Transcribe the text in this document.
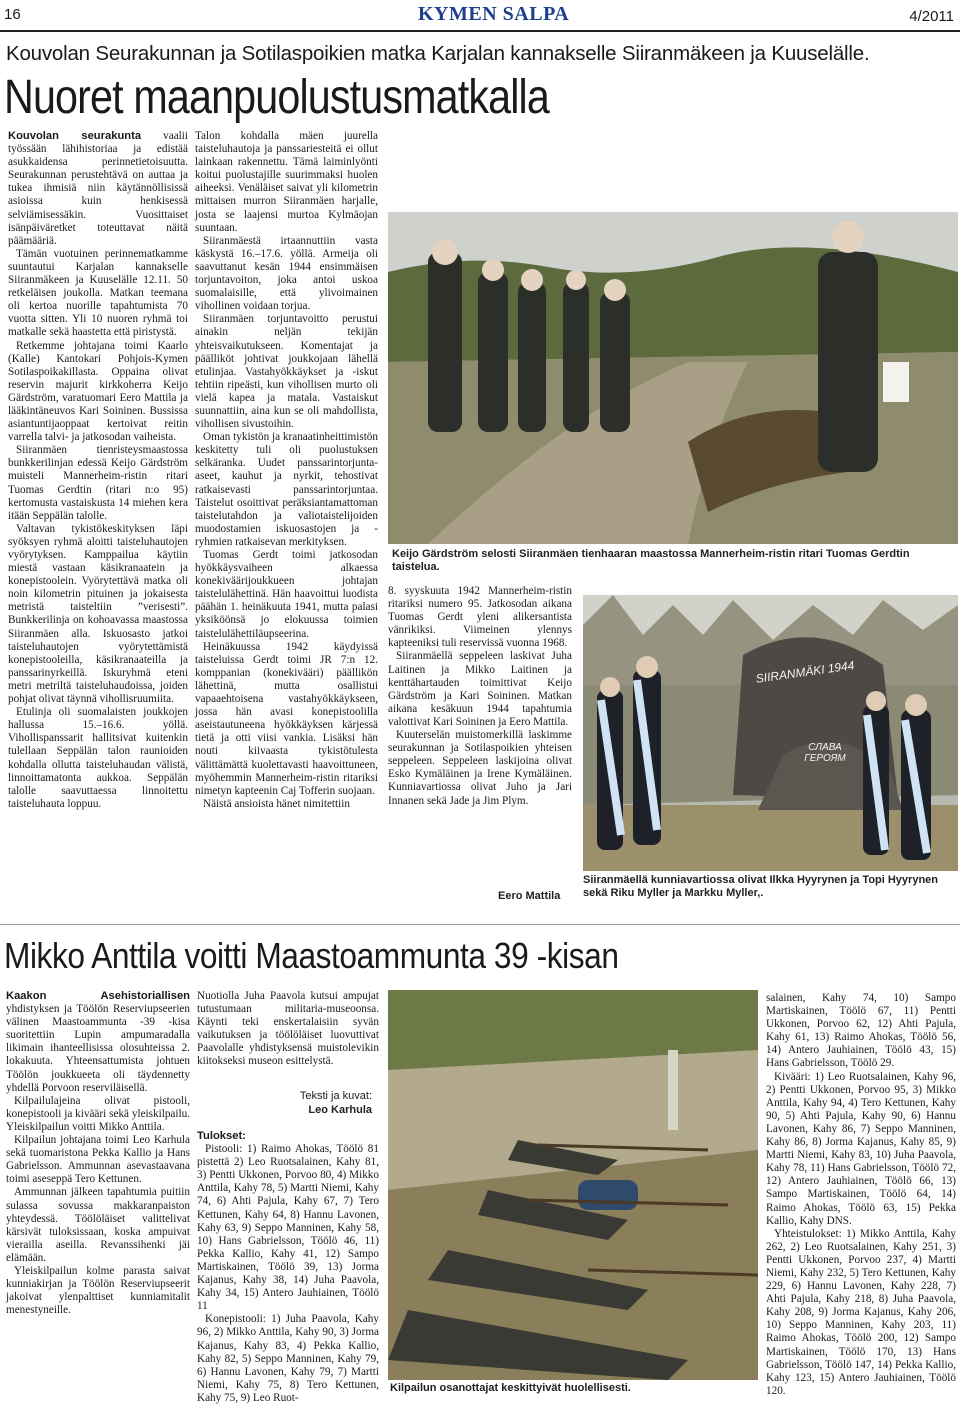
16	KYMEN SALPA	4/2011
Kouvolan Seurakunnan ja Sotilaspoikien matka Karjalan kannakselle Siiranmäkeen ja Kuuselälle.
Nuoret maanpuolustusmatkalla

Kouvolan seurakunta vaalii työssään lähihistoriaa ja edistää asukkaidensa perinnetietoisuutta. Seurakunnan perustehtävä on auttaa ja tukea ihmisiä niin käytännöllisissä asioissa kuin henkisessä selviämisessäkin. Vuosittaiset isänpäiväretket toteuttavat näitä päämääriä.

Tämän vuotuinen perinnematkamme suuntautui Karjalan kannakselle Siiranmäkeen ja Kuuselälle 12.11. 50 retkeläisen joukolla. Matkan teemana oli kertoa nuorille tapahtumista 70 vuotta sitten. Yli 10 nuoren ryhmä toi matkalle sekä haastetta että piristystä.

Retkemme johtajana toimi Kaarlo (Kalle) Kantokari Pohjois-Kymen Sotilaspoikakillasta. Oppaina olivat reservin majurit kirkkoherra Keijo Gärdström, varatuomari Eero Mattila ja lääkintäneuvos Kari Soininen. Bussissa asiantuntijaoppaat kertoivat reitin varrella talvi- ja jatkosodan vaiheista.

Siiranmäen tienristeysmaastossa bunkkerilinjan edessä Keijo Gärdström muisteli Mannerheim-ristin ritari Tuomas Gerdtin (ritari n:o 95) kertomusta vastaiskusta 14 miehen kera itään Seppälän talolle.

Valtavan tykistökeskityksen läpi syöksyen ryhmä aloitti taisteluhautojen vyörytyksen. Kamppailua käytiin miestä vastaan käsikranaatein ja konepistoolein. Vyörytettävä matka oli noin kilometrin pituinen ja jokaisesta metristä taisteltiin ”verisesti”. Bunkkerilinja on kohoavassa maastossa Siiranmäen alla. Iskuosasto jatkoi taisteluhautojen vyörytettämistä konepistooleilla, käsikranaateilla ja panssarinyrkeillä. Iskuryhmä eteni metri metriltä taisteluhaudoissa, joiden pohjat olivat täynnä vihollisruumiita.

Etulinja oli suomalaisten joukkojen hallussa 15.–16.6. yöllä. Vihollispanssarit hallitsivat kuitenkin tulellaan Seppälän talon raunioiden kohdalla ollutta taisteluhaudan välistä, linnoittamatonta aukkoa. Seppälän talolle saavuttaessa linnoitettu taisteluhauta loppuu.

Talon kohdalla mäen juurella taisteluhautoja ja panssariesteitä ei ollut lainkaan rakennettu. Tämä laiminlyönti koitui puolustajille suurimmaksi huolen aiheeksi. Venäläiset saivat yli kilometrin mittaisen murron Siiranmäen harjalle, josta se laajensi murtoa Kylmäojan suuntaan.

Siiranmäestä irtaannuttiin vasta käskystä 16.–17.6. yöllä. Armeija oli saavuttanut kesän 1944 ensimmäisen torjuntavoiton, joka antoi uskoa suomalaisille, että ylivoimainen vihollinen voidaan torjua.

Siiranmäen torjuntavoitto perustui ainakin neljän tekijän yhteisvaikutukseen. Komentajat ja päälliköt johtivat joukkojaan lähellä etulinjaa. Vastahyökkäykset ja -iskut tehtiin ripeästi, kun vihollisen murto oli vielä kapea ja matala. Vastaiskut suunnattiin, aina kun se oli mahdollista, vihollisen sivustoihin.

Oman tykistön ja kranaatinheittimistön keskitetty tuli oli puolustuksen selkäranka. Uudet panssarintorjunta-aseet, kauhut ja nyrkit, tehostivat ratkaisevasti panssarintorjuntaa. Taistelut osoittivat peräksiantamattoman taistelutahdon ja valiotaistelijoiden muodostamien iskuosastojen ja -ryhmien ratkaisevan merkityksen.

Tuomas Gerdt toimi jatkosodan hyökkäysvaiheen alkaessa konekiväärijoukkueen johtajan taistelulähettinä. Hän haavoittui luodista päähän 1. heinäkuuta 1941, mutta palasi yksiköönsä jo elokuussa toimien taistelulähettiläupseerina.

Heinäkuussa 1942 käydyissä taisteluissa Gerdt toimi JR 7:n 12. komppanian (konekivääri) päällikön lähettinä, mutta osallistui vapaaehtoisena vastahyökkäykseen, jossa hän avasi konepistoolilla aseistautuneena hyökkäyksen kärjessä tietä ja otti viisi vankia. Lisäksi hän nouti kiivaasta tykistötulesta välittämättä kuolettavasti haavoittuneen, myöhemmin Mannerheim-ristin ritariksi nimetyn kapteenin Caj Tofferin suojaan.

Näistä ansioista hänet nimitettiin

Keijo Gärdström selosti Siiranmäen tienhaaran maastossa Mannerheim-ristin ritari Tuomas Gerdtin taistelua.

8. syyskuuta 1942 Mannerheim-ristin ritariksi numero 95. Jatkosodan aikana Tuomas Gerdt yleni alikersantista vänrikiksi. Viimeinen ylennys kapteeniksi tuli reservissä vuonna 1968.

Siiranmäellä seppeleen laskivat Juha Laitinen ja Mikko Laitinen ja kenttähartauden toimittivat Keijo Gärdström ja Kari Soininen. Matkan aikana kesäkuun 1944 tapahtumia valottivat Kari Soininen ja Eero Mattila.

Kuuterselän muistomerkillä laskimme seurakunnan ja Sotilaspoikien yhteisen seppeleen. Seppeleen laskijoina olivat Esko Kymäläinen ja Irene Kymäläinen. Kunniavartiossa olivat Juho ja Jari Innanen sekä Jade ja Jim Plym.

Eero Mattila
SIIRANMÄKI 1944
СЛАВА ГЕРОЯМ
Siiranmäellä kunniavartiossa olivat Ilkka Hyyrynen ja Topi Hyyrynen sekä Riku Myller ja Markku Myller,.
Mikko Anttila voitti Maastoammunta 39 -kisan

Kaakon Asehistoriallisen yhdistyksen ja Töölön Reserviupseerien välinen Maastoammunta -39 -kisa suoritettiin Lupin ampumaradalla likimain ihanteellisissa olosuhteissa 2. lokakuuta. Yhteensattumista johtuen Töölön joukkueeta oli täydennetty yhdellä Porvoon reserviläisellä.

Kilpailulajeina olivat pistooli, konepistooli ja kivääri sekä yleiskilpailu. Yleiskilpailun voitti Mikko Anttila.

Kilpailun johtajana toimi Leo Karhula sekä tuomaristona Pekka Kallio ja Hans Gabrielsson. Ammunnan asevastaavana toimi aseseppä Tero Kettunen.

Ammunnan jälkeen tapahtumia puitiin sulassa sovussa makkaranpaiston yhteydessä. Töölöläiset valittelivat kärsivät tuloksissaan, koska ampuivat vierailla aseilla. Revanssihenki jäi elämään.

Yleiskilpailun kolme parasta saivat kunniakirjan ja Töölön Reserviupseerit jakoivat ylenpalttiset kunniamitalit menestyneille.

Nuotiolla Juha Paavola kutsui ampujat tutustumaan militaria-museoonsa. Käynti teki enskertalaisiin syvän vaikutuksen ja töölöläiset luovuttivat Paavolalle yhdistyksensä muistolevikin kiitokseksi museon esittelystä.

Teksti ja kuvat:
Leo Karhula
Kilpailun osanottajat keskittyivät huolellisesti.

Tulokset:

Pistooli: 1) Raimo Ahokas, Töölö 81 pistettä 2) Leo Ruotsalainen, Kahy 81, 3) Pentti Ukkonen, Porvoo 80, 4) Mikko Anttila, Kahy 78, 5) Martti Niemi, Kahy 74, 6) Ahti Pajula, Kahy 67, 7) Tero Kettunen, Kahy 64, 8) Hannu Lavonen, Kahy 63, 9) Seppo Manninen, Kahy 58, 10) Hans Gabrielsson, Töölö 46, 11) Pekka Kallio, Kahy 41, 12) Sampo Martiskainen, Töölö 39, 13) Jorma Kajanus, Kahy 38, 14) Juha Paavola, Kahy 34, 15) Antero Jauhiainen, Töölö 11

Konepistooli: 1) Juha Paavola, Kahy 96, 2) Mikko Anttila, Kahy 90, 3) Jorma Kajanus, Kahy 83, 4) Pekka Kallio, Kahy 82, 5) Seppo Manninen, Kahy 79, 6) Hannu Lavonen, Kahy 79, 7) Martti Niemi, Kahy 75, 8) Tero Kettunen, Kahy 75, 9) Leo Ruot-

salainen, Kahy 74, 10) Sampo Martiskainen, Töölö 67, 11) Pentti Ukkonen, Porvoo 62, 12) Ahti Pajula, Kahy 61, 13) Raimo Ahokas, Töölö 56, 14) Antero Jauhiainen, Töölö 43, 15) Hans Gabrielsson, Töölö 29.

Kivääri: 1) Leo Ruotsalainen, Kahy 96, 2) Pentti Ukkonen, Porvoo 95, 3) Mikko Anttila, Kahy 94, 4) Tero Kettunen, Kahy 90, 5) Ahti Pajula, Kahy 90, 6) Hannu Lavonen, Kahy 86, 7) Seppo Manninen, Kahy 86, 8) Jorma Kajanus, Kahy 85, 9) Martti Niemi, Kahy 83, 10) Juha Paavola, Kahy 78, 11) Hans Gabrielsson, Töölö 72, 12) Antero Jauhiainen, Töölö 66, 13) Sampo Martiskainen, Töölö 64, 14) Raimo Ahokas, Töölö 63, 15) Pekka Kallio, Kahy DNS.

Yhteistulokset: 1) Mikko Anttila, Kahy 262, 2) Leo Ruotsalainen, Kahy 251, 3) Pentti Ukkonen, Porvoo 237, 4) Martti Niemi, Kahy 232, 5) Tero Kettunen, Kahy 229, 6) Hannu Lavonen, Kahy 228, 7) Ahti Pajula, Kahy 218, 8) Juha Paavola, Kahy 208, 9) Jorma Kajanus, Kahy 206, 10) Seppo Manninen, Kahy 203, 11) Raimo Ahokas, Töölö 200, 12) Sampo Martiskainen, Töölö 170, 13) Hans Gabrielsson, Töölö 147, 14) Pekka Kallio, Kahy 123, 15) Antero Jauhiainen, Töölö 120.
